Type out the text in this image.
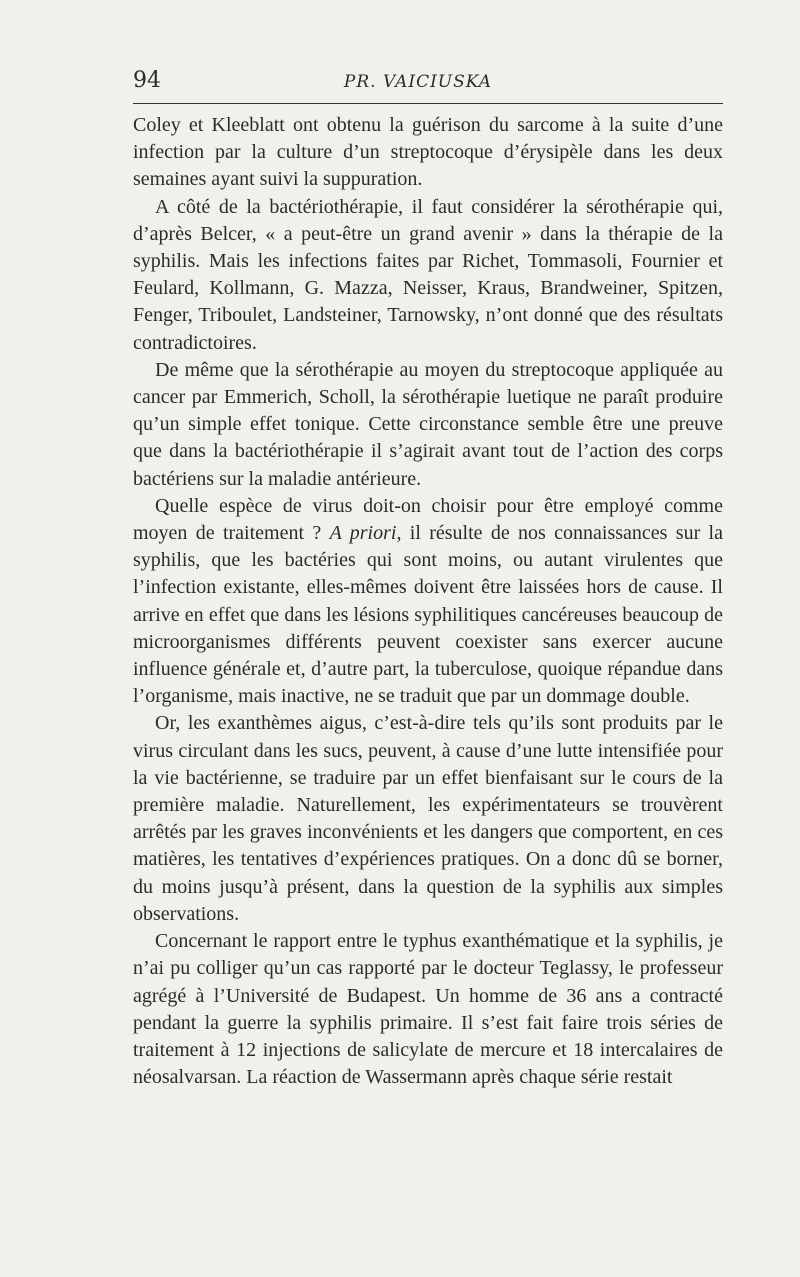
94	PR. VAICIUSKA

Coley et Kleeblatt ont obtenu la guérison du sarcome à la suite d’une infection par la culture d’un streptocoque d’érysipèle dans les deux semaines ayant suivi la suppuration.

A côté de la bactériothérapie, il faut considérer la sérothérapie qui, d’après Belcer, « a peut-être un grand avenir » dans la thérapie de la syphilis. Mais les infections faites par Richet, Tommasoli, Fournier et Feulard, Kollmann, G. Mazza, Neisser, Kraus, Brandweiner, Spitzen, Fenger, Triboulet, Landsteiner, Tarnowsky, n’ont donné que des résultats contradictoires.

De même que la sérothérapie au moyen du streptocoque appliquée au cancer par Emmerich, Scholl, la sérothérapie luetique ne paraît produire qu’un simple effet tonique. Cette circonstance semble être une preuve que dans la bactériothérapie il s’agirait avant tout de l’action des corps bactériens sur la maladie antérieure.

Quelle espèce de virus doit-on choisir pour être employé comme moyen de traitement ? A priori, il résulte de nos connaissances sur la syphilis, que les bactéries qui sont moins, ou autant virulentes que l’infection existante, elles-mêmes doivent être laissées hors de cause. Il arrive en effet que dans les lésions syphilitiques cancéreuses beaucoup de microorganismes différents peuvent coexister sans exercer aucune influence générale et, d’autre part, la tuberculose, quoique répandue dans l’organisme, mais inactive, ne se traduit que par un dommage double.

Or, les exanthèmes aigus, c’est-à-dire tels qu’ils sont produits par le virus circulant dans les sucs, peuvent, à cause d’une lutte intensifiée pour la vie bactérienne, se traduire par un effet bienfaisant sur le cours de la première maladie. Naturellement, les expérimentateurs se trouvèrent arrêtés par les graves inconvénients et les dangers que comportent, en ces matières, les tentatives d’expériences pratiques. On a donc dû se borner, du moins jusqu’à présent, dans la question de la syphilis aux simples observations.

Concernant le rapport entre le typhus exanthématique et la syphilis, je n’ai pu colliger qu’un cas rapporté par le docteur Teglassy, le professeur agrégé à l’Université de Budapest. Un homme de 36 ans a contracté pendant la guerre la syphilis primaire. Il s’est fait faire trois séries de traitement à 12 injections de salicylate de mercure et 18 intercalaires de néosalvarsan. La réaction de Wassermann après chaque série restait
